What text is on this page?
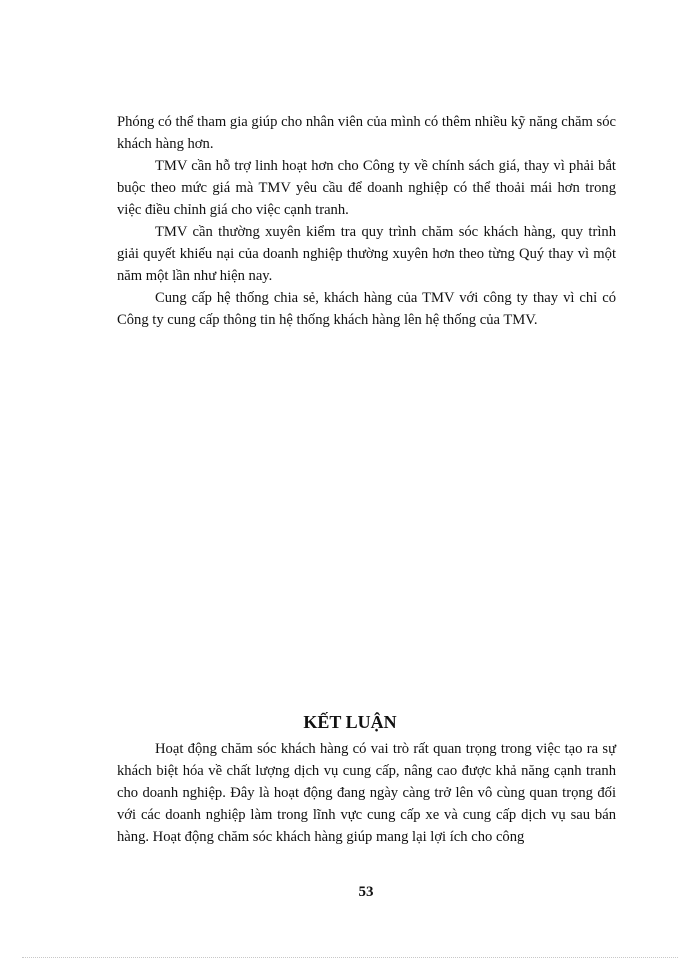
Phóng có thể tham gia giúp cho nhân viên của mình có thêm nhiều kỹ năng chăm sóc khách hàng hơn.

TMV cần hỗ trợ linh hoạt hơn cho Công ty về chính sách giá, thay vì phải bắt buộc theo mức giá mà TMV yêu cầu để doanh nghiệp có thể thoải mái hơn trong việc điều chỉnh giá cho việc cạnh tranh.

TMV cần thường xuyên kiểm tra quy trình chăm sóc khách hàng, quy trình giải quyết khiếu nại của doanh nghiệp thường xuyên hơn theo từng Quý thay vì một năm một lần như hiện nay.

Cung cấp hệ thống chia sẻ, khách hàng của TMV với công ty thay vì chỉ có Công ty cung cấp thông tin hệ thống khách hàng lên hệ thống của TMV.

KẾT LUẬN

Hoạt động chăm sóc khách hàng có vai trò rất quan trọng trong việc tạo ra sự khách biệt hóa về chất lượng dịch vụ cung cấp, nâng cao được khả năng cạnh tranh cho doanh nghiệp. Đây là hoạt động đang ngày càng trở lên vô cùng quan trọng đối với các doanh nghiệp làm trong lĩnh vực cung cấp xe và cung cấp dịch vụ sau bán hàng. Hoạt động chăm sóc khách hàng giúp mang lại lợi ích cho công

53
